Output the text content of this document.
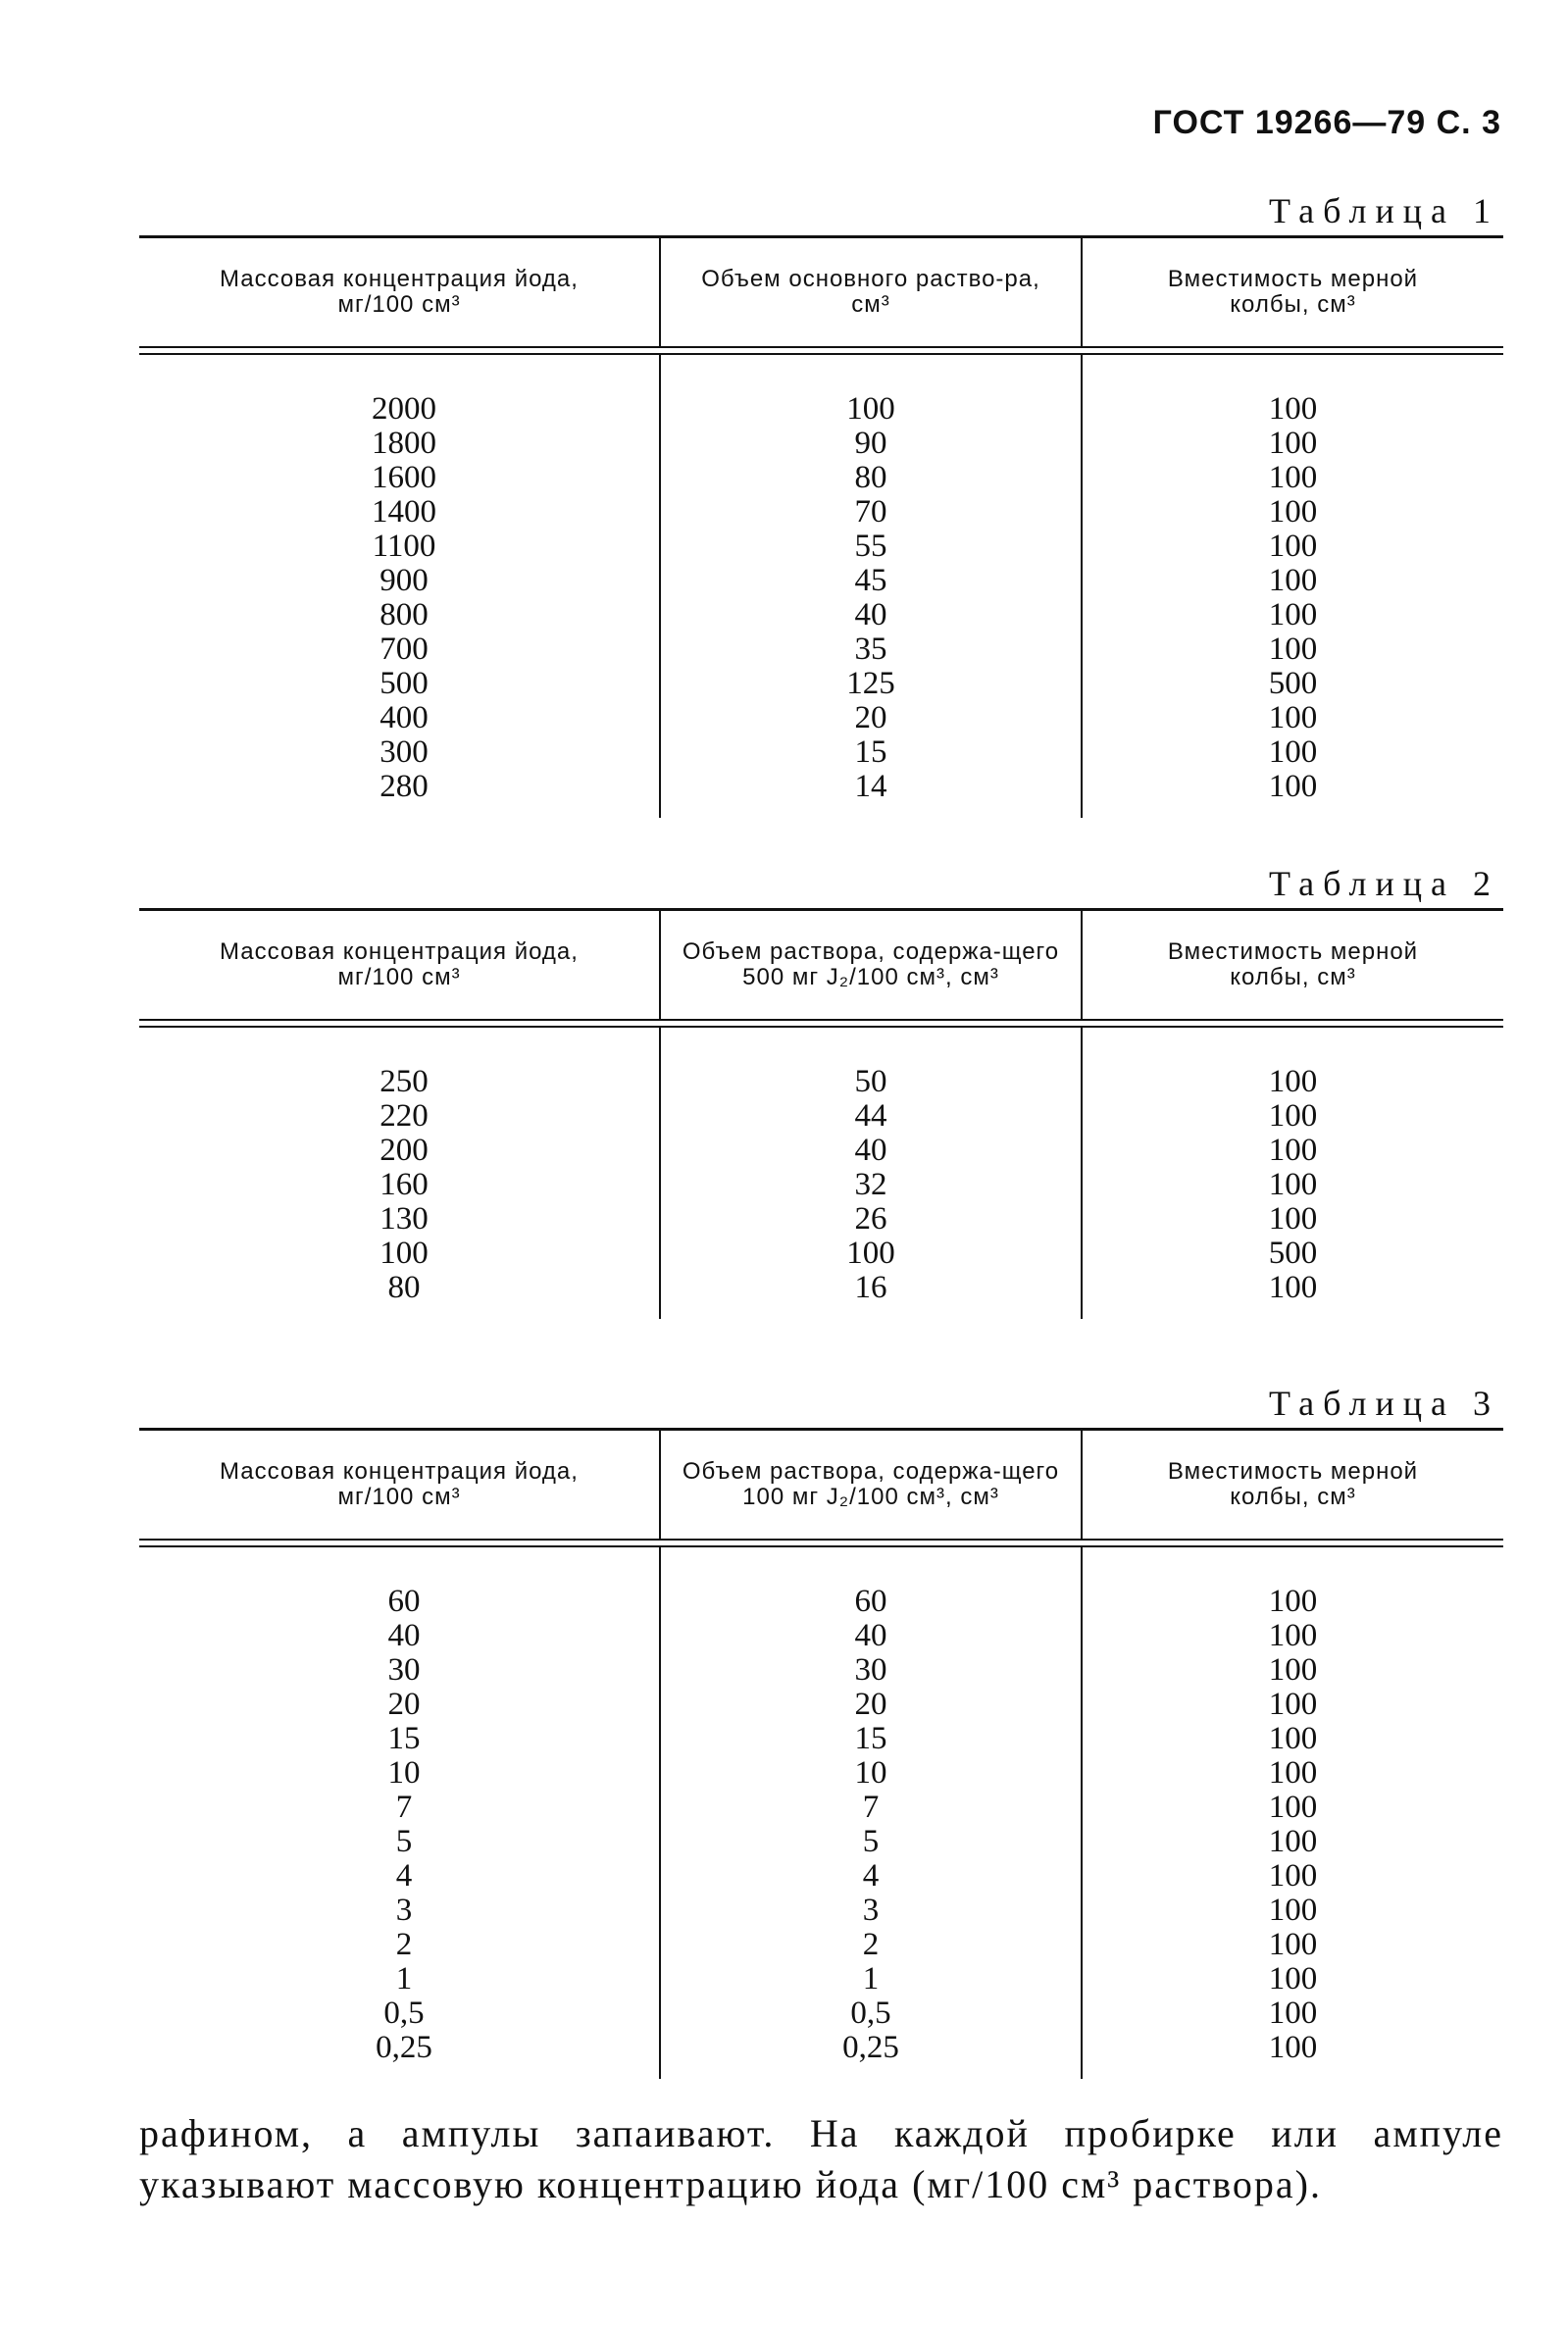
ГОСТ 19266—79 С. 3
Таблица 1
Массовая концентрация йода, мг/100 см³
Объем основного раство-ра, см³
Вместимость мерной колбы, см³
2000
1800
1600
1400
1100
900
800
700
500
400
300
280
100
90
80
70
55
45
40
35
125
20
15
14
100
100
100
100
100
100
100
100
500
100
100
100
Таблица 2
Массовая концентрация йода, мг/100 см³
Объем раствора, содержа-щего 500 мг J₂/100 см³, см³
Вместимость мерной колбы, см³
250
220
200
160
130
100
80
50
44
40
32
26
100
16
100
100
100
100
100
500
100
Таблица 3
Массовая концентрация йода, мг/100 см³
Объем раствора, содержа-щего 100 мг J₂/100 см³, см³
Вместимость мерной колбы, см³
60
40
30
20
15
10
7
5
4
3
2
1
0,5
0,25
60
40
30
20
15
10
7
5
4
3
2
1
0,5
0,25
100
100
100
100
100
100
100
100
100
100
100
100
100
100
рафином, а ампулы запаивают. На каждой пробирке или ампуле указывают массовую концентрацию йода (мг/100 см³ раствора).
